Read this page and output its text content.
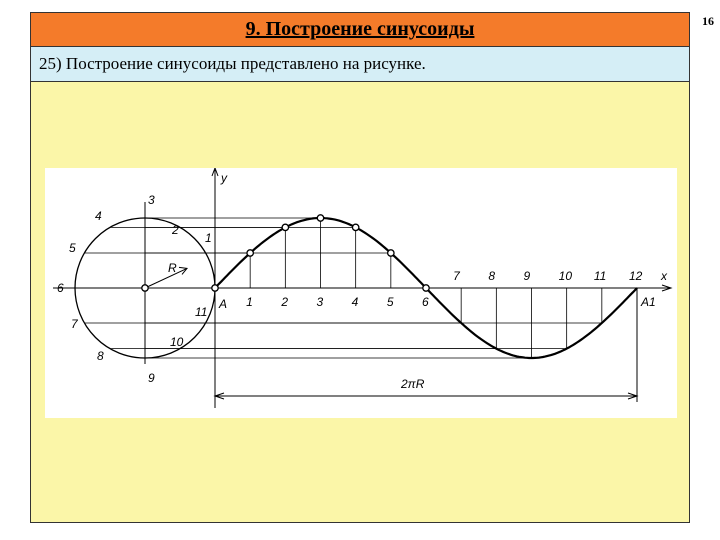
16
9. Построение синусоиды
25) Построение синусоиды представлено на рисунке.
y
x
A	A1
R
2πR
6
1
2
3
4
5
7
8
9
10
11
1 2 3 4 5 6
7 8 9 10 11 12
